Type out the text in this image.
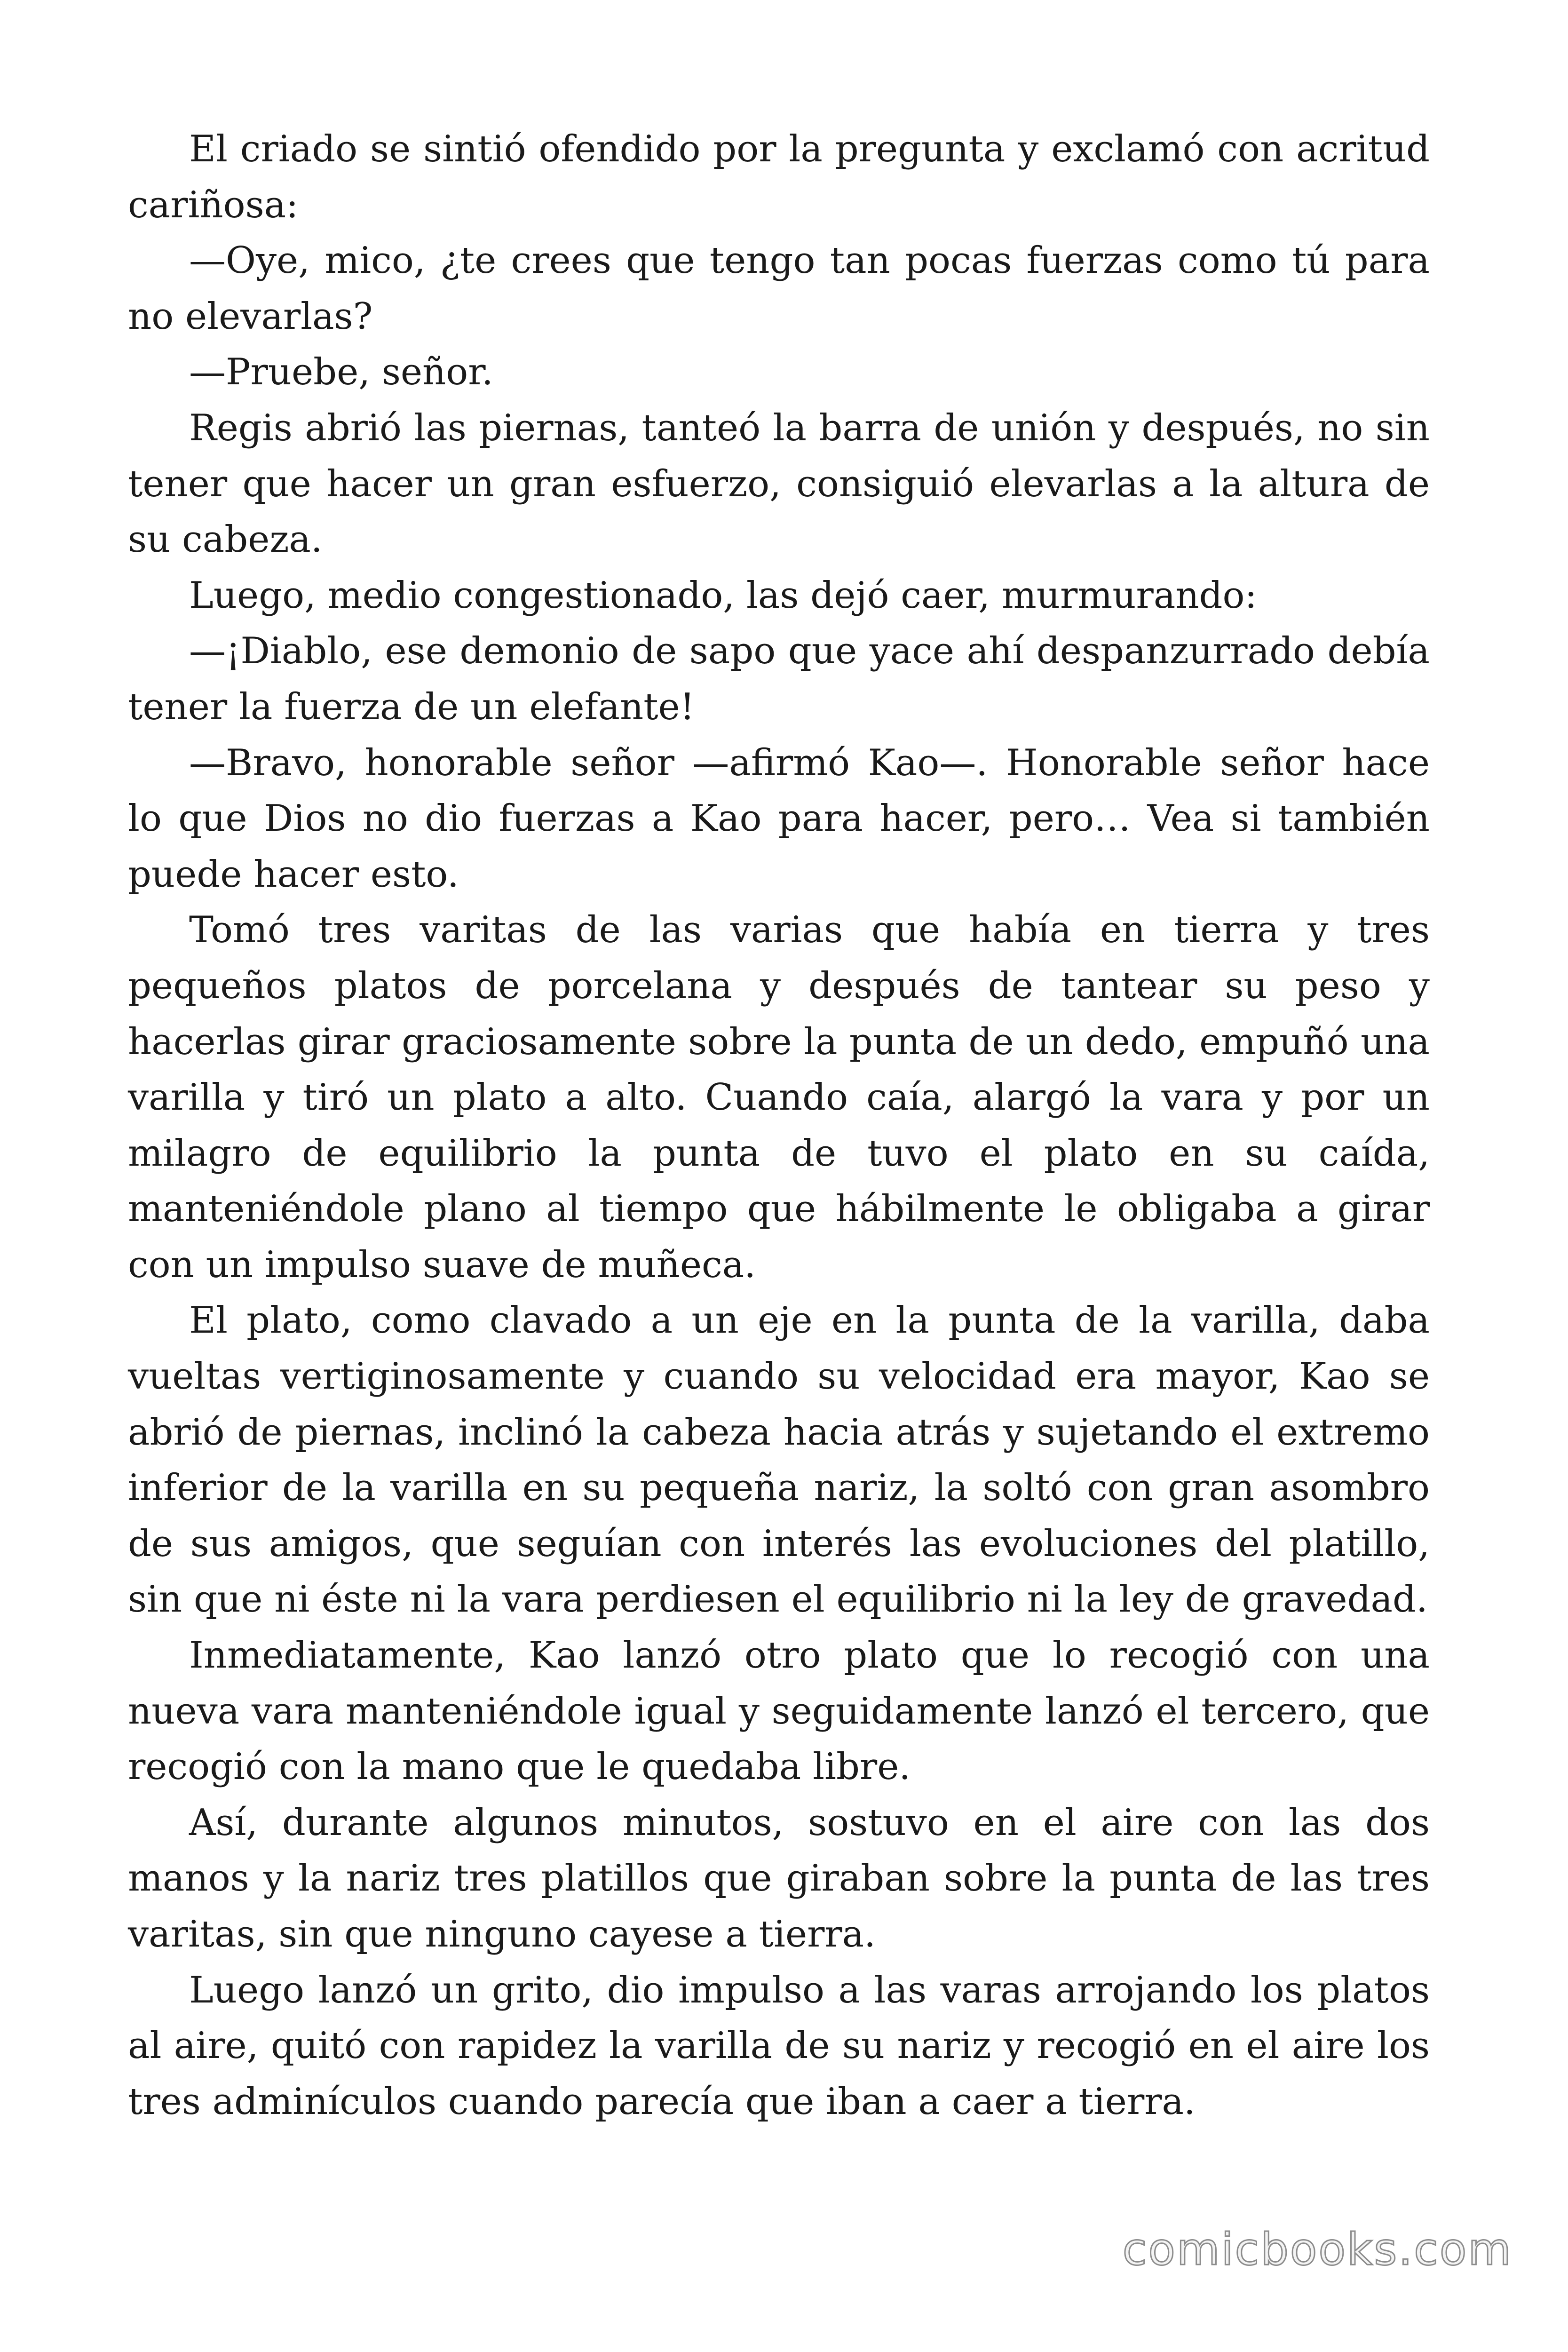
El criado se sintió ofendido por la pregunta y exclamó con acritud cariñosa:

—Oye, mico, ¿te crees que tengo tan pocas fuerzas como tú para no elevarlas?

—Pruebe, señor.

Regis abrió las piernas, tanteó la barra de unión y después, no sin tener que hacer un gran esfuerzo, consiguió elevarlas a la altura de su cabeza.

Luego, medio congestionado, las dejó caer, murmurando:

—¡Diablo, ese demonio de sapo que yace ahí despanzurrado debía tener la fuerza de un elefante!

—Bravo, honorable señor —afirmó Kao—. Honorable señor hace lo que Dios no dio fuerzas a Kao para hacer, pero… Vea si también puede hacer esto.

Tomó tres varitas de las varias que había en tierra y tres pequeños platos de porcelana y después de tantear su peso y hacerlas girar graciosamente sobre la punta de un dedo, empuñó una varilla y tiró un plato a alto. Cuando caía, alargó la vara y por un milagro de equilibrio la punta de tuvo el plato en su caída, manteniéndole plano al tiempo que hábilmente le obligaba a girar con un impulso suave de muñeca.

El plato, como clavado a un eje en la punta de la varilla, daba vueltas vertiginosamente y cuando su velocidad era mayor, Kao se abrió de piernas, inclinó la cabeza hacia atrás y sujetando el extremo inferior de la varilla en su pequeña nariz, la soltó con gran asombro de sus amigos, que seguían con interés las evoluciones del platillo, sin que ni éste ni la vara perdiesen el equilibrio ni la ley de gravedad.

Inmediatamente, Kao lanzó otro plato que lo recogió con una nueva vara manteniéndole igual y seguidamente lanzó el tercero, que recogió con la mano que le quedaba libre.

Así, durante algunos minutos, sostuvo en el aire con las dos manos y la nariz tres platillos que giraban sobre la punta de las tres varitas, sin que ninguno cayese a tierra.

Luego lanzó un grito, dio impulso a las varas arrojando los platos al aire, quitó con rapidez la varilla de su nariz y recogió en el aire los tres adminículos cuando parecía que iban a caer a tierra.

comicbooks.com
